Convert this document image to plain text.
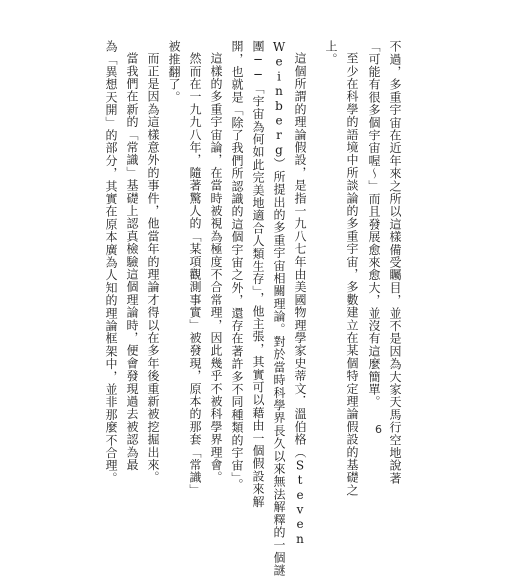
不過，多重宇宙在近年來之所以這樣備受矚目，並不是因為大家天馬行空地說著
「可能有很多個宇宙喔～」而且發展愈來愈大，並沒有這麼簡單。
至少在科學的語境中所談論的多重宇宙，多數建立在某個特定理論假設的基礎之
上。
這個所謂的理論假設，是指一九八七年由美國物理學家史蒂文．溫伯格（Steven
Weinberg）所提出的多重宇宙相關理論。對於當時科學界長久以來無法解釋的一個謎
團──「宇宙為何如此完美地適合人類生存」，他主張，其實可以藉由一個假設來解
開，也就是「除了我們所認識的這個宇宙之外，還存在著許多不同種類的宇宙」。
這樣的多重宇宙論，在當時被視為極度不合常理，因此幾乎不被科學界理會。
然而在一九九八年，隨著驚人的「某項觀測事實」被發現，原本的那套「常識」
被推翻了。
而正是因為這樣意外的事件，他當年的理論才得以在多年後重新被挖掘出來。
當我們在新的「常識」基礎上認真檢驗這個理論時，便會發現過去被認為最
為「異想天開」的部分，其實在原本廣為人知的理論框架中，並非那麼不合理。	6
